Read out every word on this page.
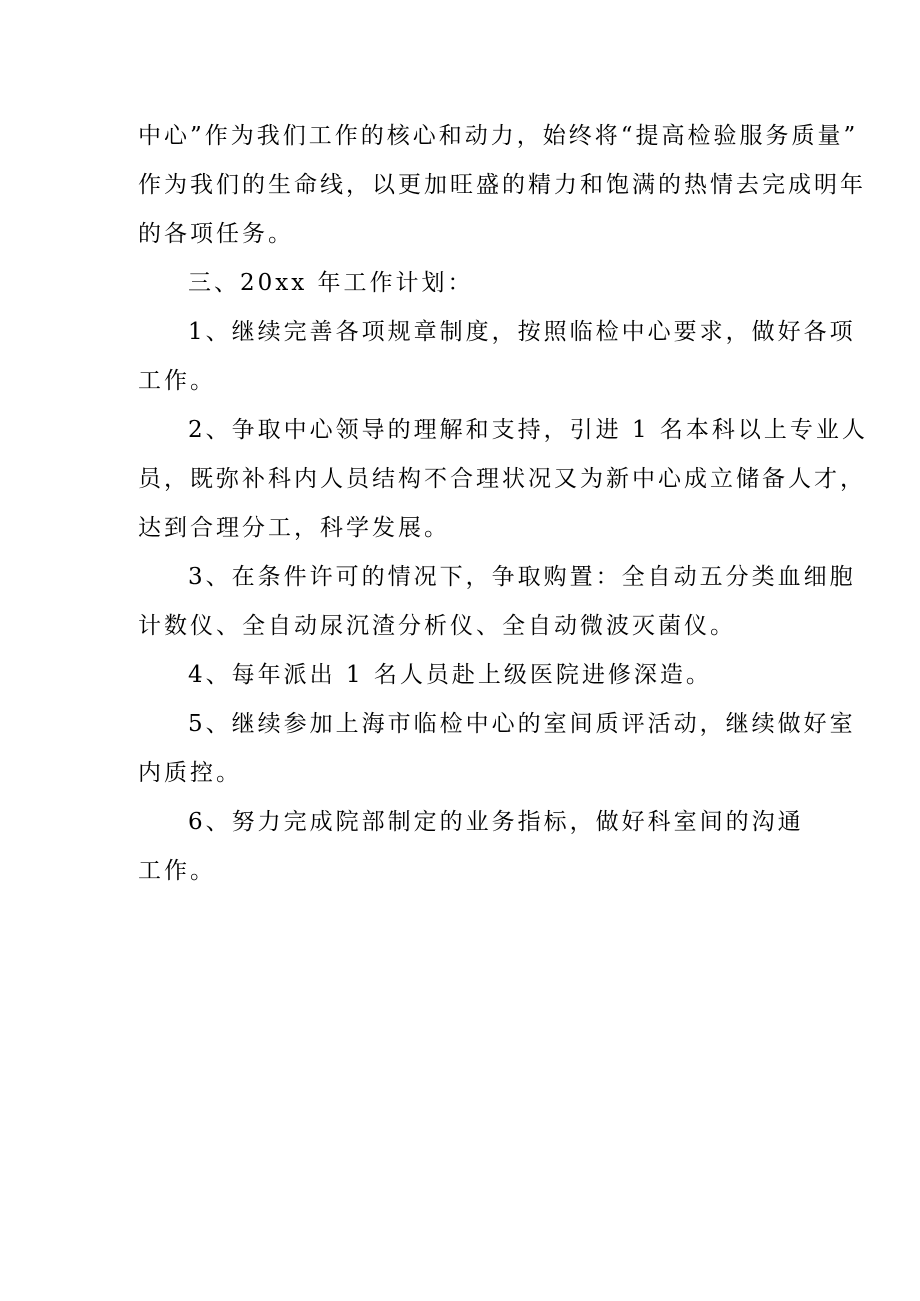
中心”作为我们工作的核心和动力，始终将“提高检验服务质量”
作为我们的生命线，以更加旺盛的精力和饱满的热情去完成明年
的各项任务。

三、20xx 年工作计划：

1、继续完善各项规章制度，按照临检中心要求，做好各项

工作。

2、争取中心领导的理解和支持，引进 1 名本科以上专业人

员，既弥补科内人员结构不合理状况又为新中心成立储备人才，
达到合理分工，科学发展。

3、在条件许可的情况下，争取购置：全自动五分类血细胞

计数仪、全自动尿沉渣分析仪、全自动微波灭菌仪。

4、每年派出 1 名人员赴上级医院进修深造。

5、继续参加上海市临检中心的室间质评活动，继续做好室

内质控。

6、努力完成院部制定的业务指标，做好科室间的沟通

工作。
